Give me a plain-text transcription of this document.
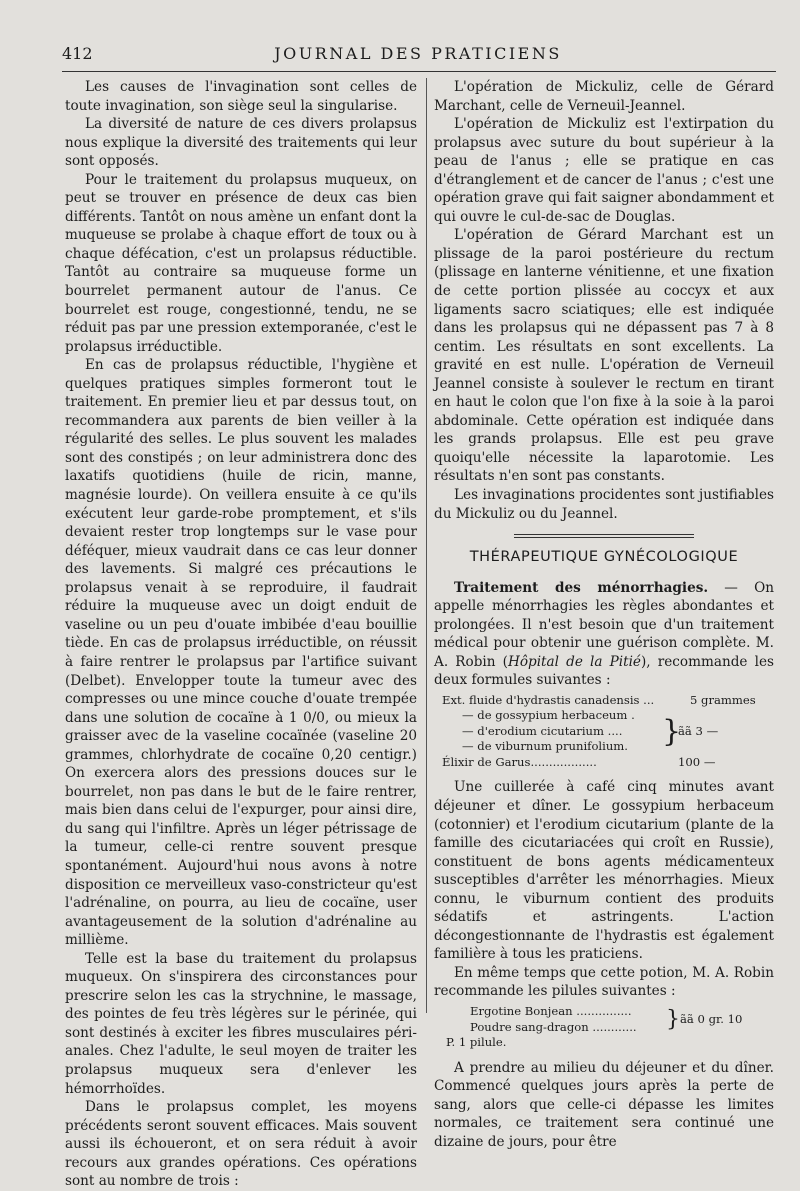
412	JOURNAL DES PRATICIENS

Les causes de l'invagination sont celles de toute invagination, son siège seul la singularise.

La diversité de nature de ces divers prolapsus nous explique la diversité des traitements qui leur sont opposés.

Pour le traitement du prolapsus muqueux, on peut se trouver en présence de deux cas bien différents. Tantôt on nous amène un enfant dont la muqueuse se prolabe à chaque effort de toux ou à chaque défécation, c'est un prolapsus réductible. Tantôt au contraire sa muqueuse forme un bourrelet permanent autour de l'anus. Ce bourrelet est rouge, congestionné, tendu, ne se réduit pas par une pression extemporanée, c'est le prolapsus irréductible.

En cas de prolapsus réductible, l'hygiène et quelques pratiques simples formeront tout le traitement. En premier lieu et par dessus tout, on recommandera aux parents de bien veiller à la régularité des selles. Le plus souvent les malades sont des constipés ; on leur administrera donc des laxatifs quotidiens (huile de ricin, manne, magnésie lourde). On veillera ensuite à ce qu'ils exécutent leur garde-robe promptement, et s'ils devaient rester trop longtemps sur le vase pour déféquer, mieux vaudrait dans ce cas leur donner des lavements. Si malgré ces précautions le prolapsus venait à se reproduire, il faudrait réduire la muqueuse avec un doigt enduit de vaseline ou un peu d'ouate imbibée d'eau bouillie tiède. En cas de prolapsus irréductible, on réussit à faire rentrer le prolapsus par l'artifice suivant (Delbet). Envelopper toute la tumeur avec des compresses ou une mince couche d'ouate trempée dans une solution de cocaïne à 1 0/0, ou mieux la graisser avec de la vaseline cocaïnée (vaseline 20 grammes, chlorhydrate de cocaïne 0,20 centigr.) On exercera alors des pressions douces sur le bourrelet, non pas dans le but de le faire rentrer, mais bien dans celui de l'expurger, pour ainsi dire, du sang qui l'infiltre. Après un léger pétrissage de la tumeur, celle-ci rentre souvent presque spontanément. Aujourd'hui nous avons à notre disposition ce merveilleux vaso-constricteur qu'est l'adrénaline, on pourra, au lieu de cocaïne, user avantageusement de la solution d'adrénaline au millième.

Telle est la base du traitement du prolapsus muqueux. On s'inspirera des circonstances pour prescrire selon les cas la strychnine, le massage, des pointes de feu très légères sur le périnée, qui sont destinés à exciter les fibres musculaires péri-anales. Chez l'adulte, le seul moyen de traiter les prolapsus muqueux sera d'enlever les hémorrhoïdes.

Dans le prolapsus complet, les moyens précédents seront souvent efficaces. Mais souvent aussi ils échoueront, et on sera réduit à avoir recours aux grandes opérations. Ces opérations sont au nombre de trois :

L'opération de Mickuliz, celle de Gérard Marchant, celle de Verneuil-Jeannel.

L'opération de Mickuliz est l'extirpation du prolapsus avec suture du bout supérieur à la peau de l'anus ; elle se pratique en cas d'étranglement et de cancer de l'anus ; c'est une opération grave qui fait saigner abondamment et qui ouvre le cul-de-sac de Douglas.

L'opération de Gérard Marchant est un plissage de la paroi postérieure du rectum (plissage en lanterne vénitienne, et une fixation de cette portion plissée au coccyx et aux ligaments sacro sciatiques; elle est indiquée dans les prolapsus qui ne dépassent pas 7 à 8 centim. Les résultats en sont excellents. La gravité en est nulle. L'opération de Verneuil Jeannel consiste à soulever le rectum en tirant en haut le colon que l'on fixe à la soie à la paroi abdominale. Cette opération est indiquée dans les grands prolapsus. Elle est peu grave quoiqu'elle nécessite la laparotomie. Les résultats n'en sont pas constants.

Les invaginations procidentes sont justifiables du Mickuliz ou du Jeannel.

THÉRAPEUTIQUE GYNÉCOLOGIQUE

Traitement des ménorrhagies. — On appelle ménorrhagies les règles abondantes et prolongées. Il n'est besoin que d'un traitement médical pour obtenir une guérison complète. M. A. Robin (Hôpital de la Pitié), recommande les deux formules suivantes :

Ext. fluide d'hydrastis canadensis ...	5 grammes
— de gossypium herbaceum .
— d'erodium cicutarium .... }
ãã 3 —
— de viburnum prunifolium.
Élixir de Garus..................	100 —

Une cuillerée à café cinq minutes avant déjeuner et dîner. Le gossypium herbaceum (cotonnier) et l'erodium cicutarium (plante de la famille des cicutariacées qui croît en Russie), constituent de bons agents médicamenteux susceptibles d'arrêter les ménorrhagies. Mieux connu, le viburnum contient des produits sédatifs et astringents. L'action décongestionnante de l'hydrastis est également familière à tous les praticiens.

En même temps que cette potion, M. A. Robin recommande les pilules suivantes :

Ergotine Bonjean ............... } ãã 0 gr. 10
Poudre sang-dragon ............
P. 1 pilule.

A prendre au milieu du déjeuner et du dîner. Commencé quelques jours après la perte de sang, alors que celle-ci dépasse les limites normales, ce traitement sera continué une dizaine de jours, pour être
